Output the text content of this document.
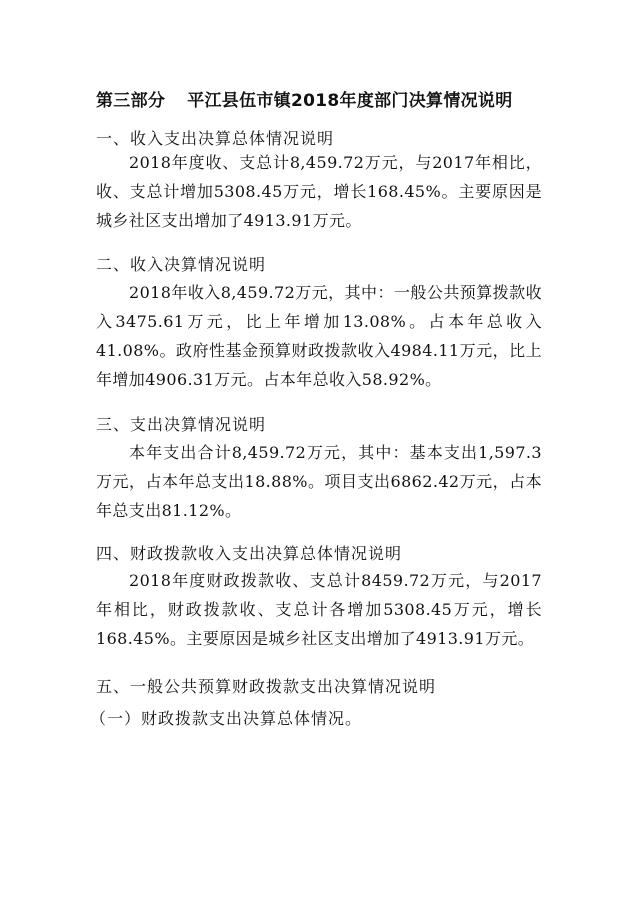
第三部分 平江县伍市镇2018年度部门决算情况说明
一、收入支出决算总体情况说明
2018年度收、支总计8,459.72万元，与2017年相比，收、支总计增加5308.45万元，增长168.45%。主要原因是城乡社区支出增加了4913.91万元。
二、收入决算情况说明
2018年收入8,459.72万元，其中：一般公共预算拨款收入3475.61万元，比上年增加13.08%。占本年总收入41.08%。政府性基金预算财政拨款收入4984.11万元，比上年增加4906.31万元。占本年总收入58.92%。
三、支出决算情况说明
本年支出合计8,459.72万元，其中：基本支出1,597.3万元，占本年总支出18.88%。项目支出6862.42万元，占本年总支出81.12%。
四、财政拨款收入支出决算总体情况说明
2018年度财政拨款收、支总计8459.72万元，与2017年相比，财政拨款收、支总计各增加5308.45万元，增长168.45%。主要原因是城乡社区支出增加了4913.91万元。
五、一般公共预算财政拨款支出决算情况说明
（一）财政拨款支出决算总体情况。
